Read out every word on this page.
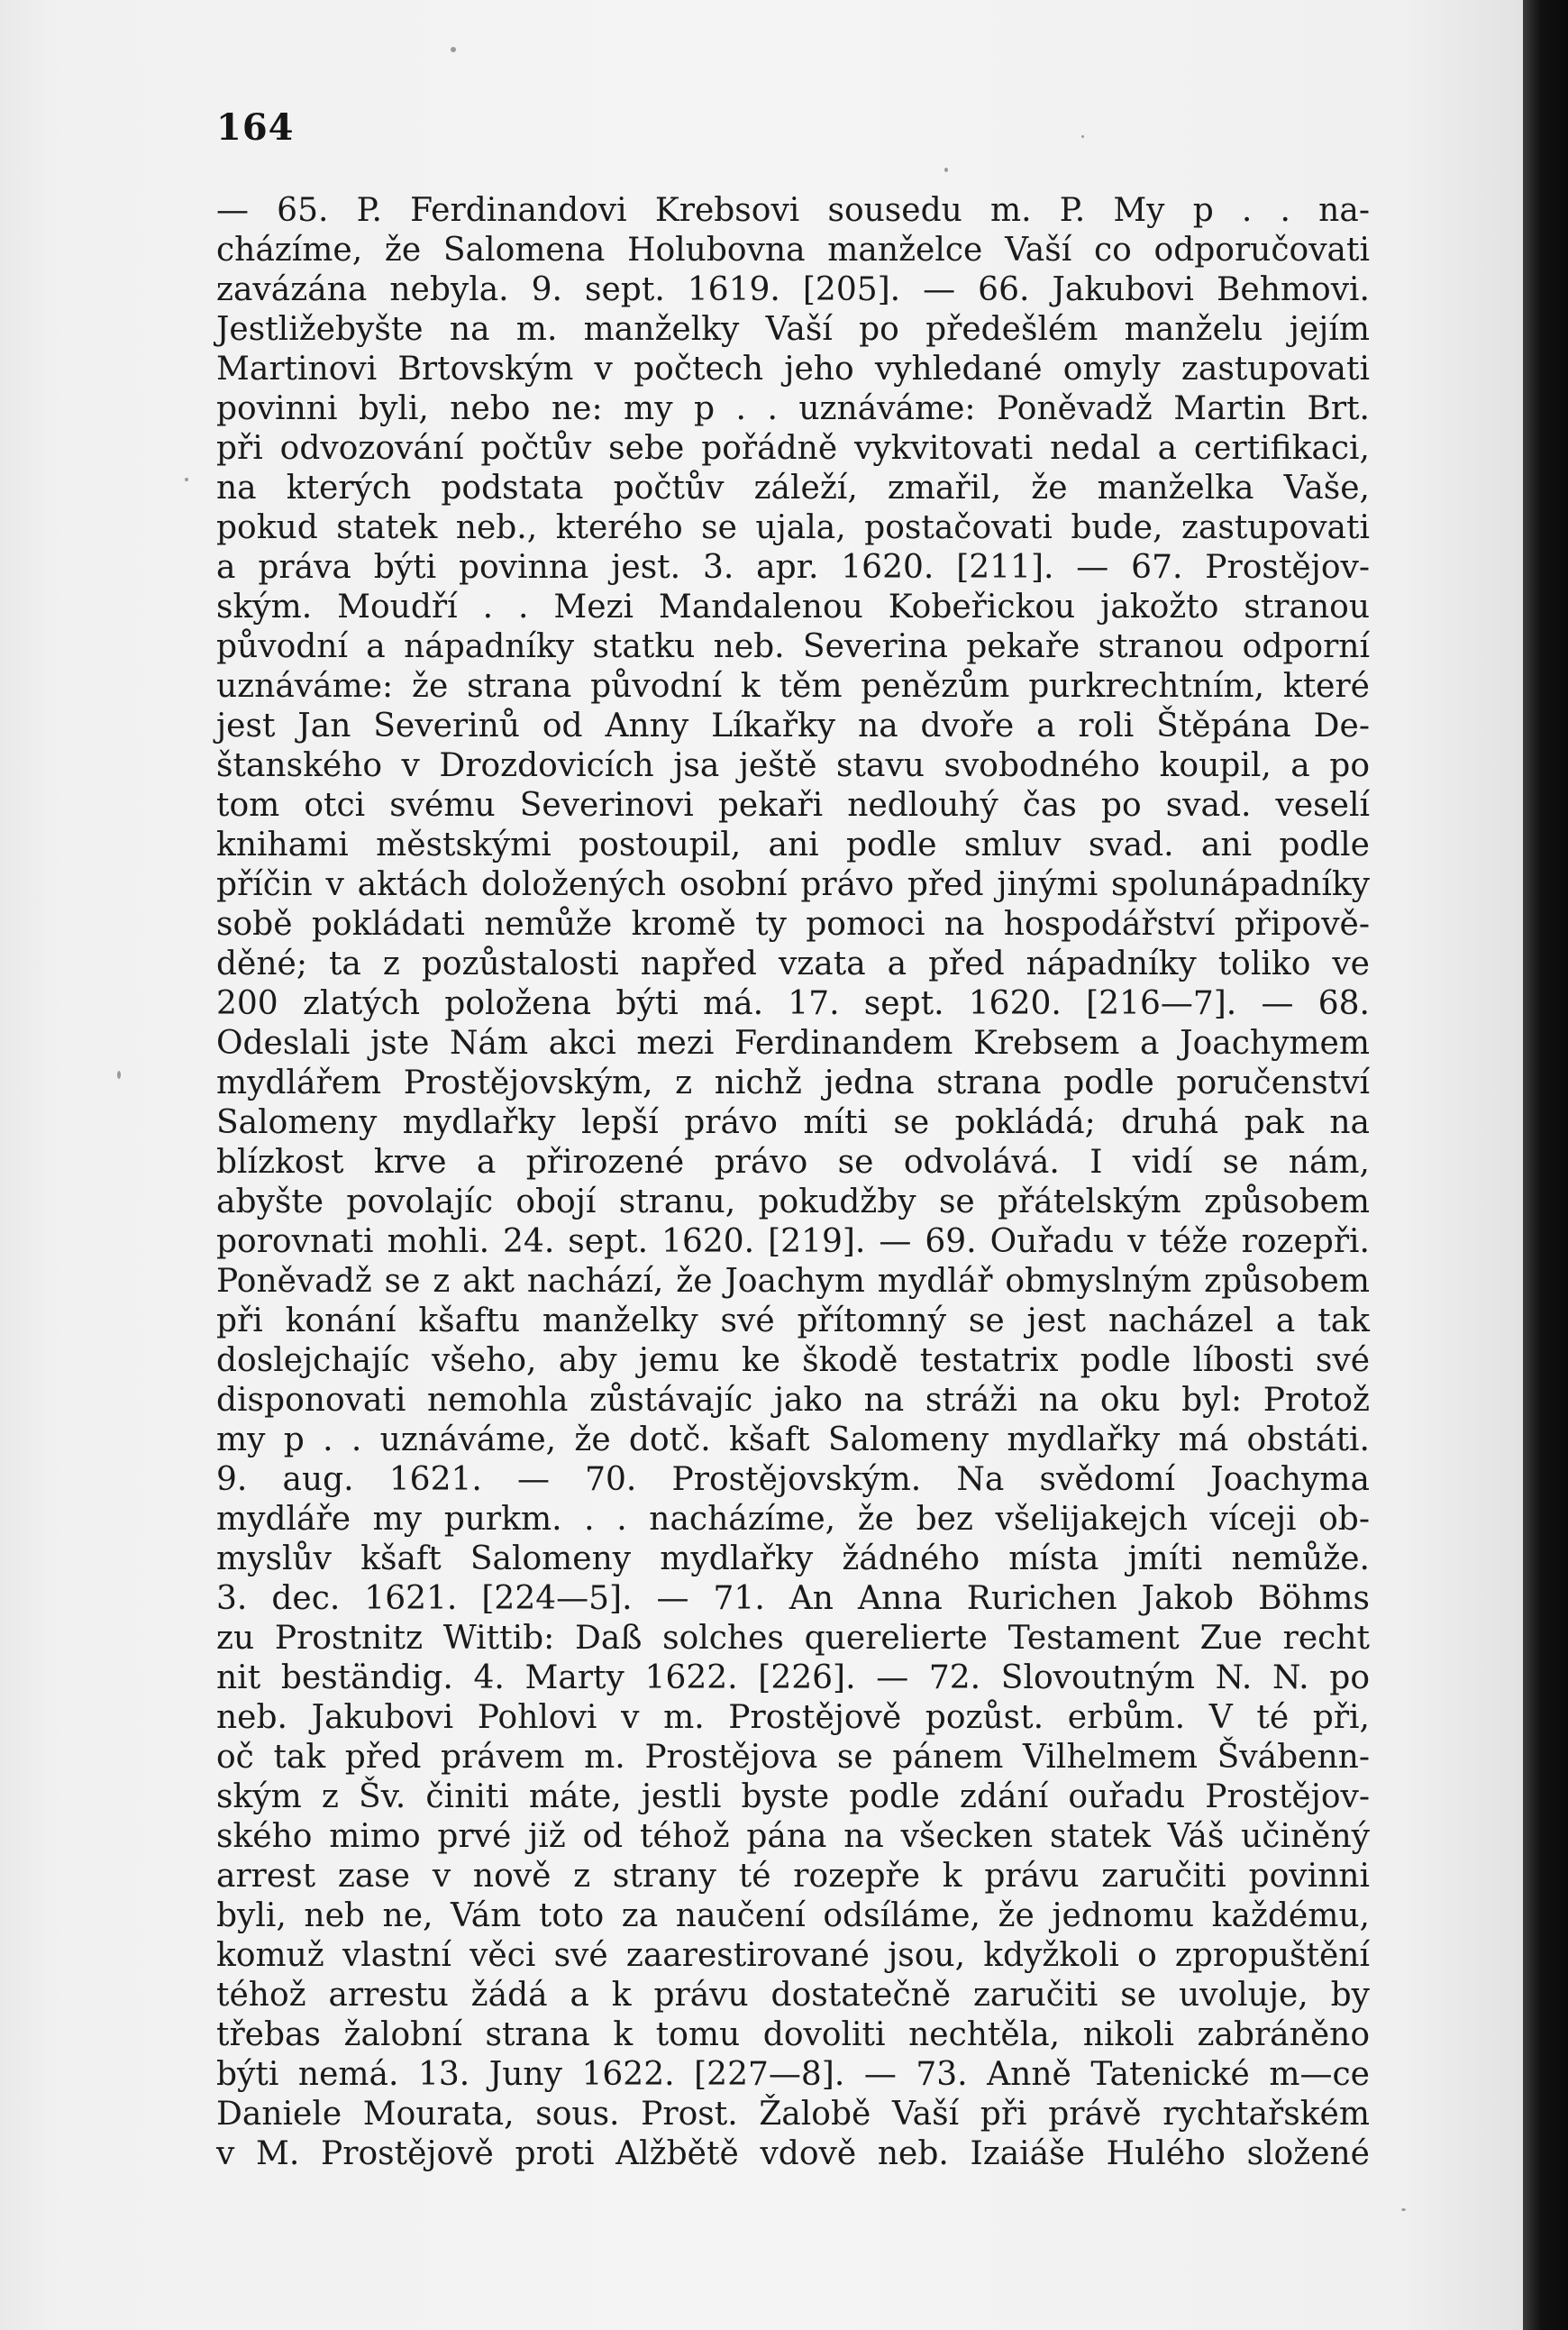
164
— 65. P. Ferdinandovi Krebsovi sousedu m. P. My p . . na-
cházíme, že Salomena Holubovna manželce Vaší co odporučovati
zavázána nebyla. 9. sept. 1619. [205]. — 66. Jakubovi Behmovi.
Jestližebyšte na m. manželky Vaší po předešlém manželu jejím
Martinovi Brtovským v počtech jeho vyhledané omyly zastupovati
povinni byli, nebo ne: my p . . uznáváme: Poněvadž Martin Brt.
při odvozování počtův sebe pořádně vykvitovati nedal a certifikaci,
na kterých podstata počtův záleží, zmařil, že manželka Vaše,
pokud statek neb., kterého se ujala, postačovati bude, zastupovati
a práva býti povinna jest. 3. apr. 1620. [211]. — 67. Prostějov-
ským. Moudří . . Mezi Mandalenou Kobeřickou jakožto stranou
původní a nápadníky statku neb. Severina pekaře stranou odporní
uznáváme: že strana původní k těm penězům purkrechtním, které
jest Jan Severinů od Anny Líkařky na dvoře a roli Štěpána De-
štanského v Drozdovicích jsa ještě stavu svobodného koupil, a po
tom otci svému Severinovi pekaři nedlouhý čas po svad. veselí
knihami městskými postoupil, ani podle smluv svad. ani podle
příčin v aktách doložených osobní právo před jinými spolunápadníky
sobě pokládati nemůže kromě ty pomoci na hospodářství připově-
děné; ta z pozůstalosti napřed vzata a před nápadníky toliko ve
200 zlatých položena býti má. 17. sept. 1620. [216—7]. — 68.
Odeslali jste Nám akci mezi Ferdinandem Krebsem a Joachymem
mydlářem Prostějovským, z nichž jedna strana podle poručenství
Salomeny mydlařky lepší právo míti se pokládá; druhá pak na
blízkost krve a přirozené právo se odvolává. I vidí se nám,
abyšte povolajíc obojí stranu, pokudžby se přátelským způsobem
porovnati mohli. 24. sept. 1620. [219]. — 69. Ouřadu v téže rozepři.
Poněvadž se z akt nachází, že Joachym mydlář obmyslným způsobem
při konání kšaftu manželky své přítomný se jest nacházel a tak
doslejchajíc všeho, aby jemu ke škodě testatrix podle líbosti své
disponovati nemohla zůstávajíc jako na stráži na oku byl: Protož
my p . . uznáváme, že dotč. kšaft Salomeny mydlařky má obstáti.
9. aug. 1621. — 70. Prostějovským. Na svědomí Joachyma
mydláře my purkm. . . nacházíme, že bez všelijakejch víceji ob-
myslův kšaft Salomeny mydlařky žádného místa jmíti nemůže.
3. dec. 1621. [224—5]. — 71. An Anna Rurichen Jakob Böhms
zu Prostnitz Wittib: Daß solches querelierte Testament Zue recht
nit beständig. 4. Marty 1622. [226]. — 72. Slovoutným N. N. po
neb. Jakubovi Pohlovi v m. Prostějově pozůst. erbům. V té při,
oč tak před právem m. Prostějova se pánem Vilhelmem Švábenn-
ským z Šv. činiti máte, jestli byste podle zdání ouřadu Prostějov-
ského mimo prvé již od téhož pána na všecken statek Váš učiněný
arrest zase v nově z strany té rozepře k právu zaručiti povinni
byli, neb ne, Vám toto za naučení odsíláme, že jednomu každému,
komuž vlastní věci své zaarestirované jsou, kdyžkoli o zpropuštění
téhož arrestu žádá a k právu dostatečně zaručiti se uvoluje, by
třebas žalobní strana k tomu dovoliti nechtěla, nikoli zabráněno
býti nemá. 13. Juny 1622. [227—8]. — 73. Anně Tatenické m—ce
Daniele Mourata, sous. Prost. Žalobě Vaší při právě rychtařském
v M. Prostějově proti Alžbětě vdově neb. Izaiáše Hulého složené
